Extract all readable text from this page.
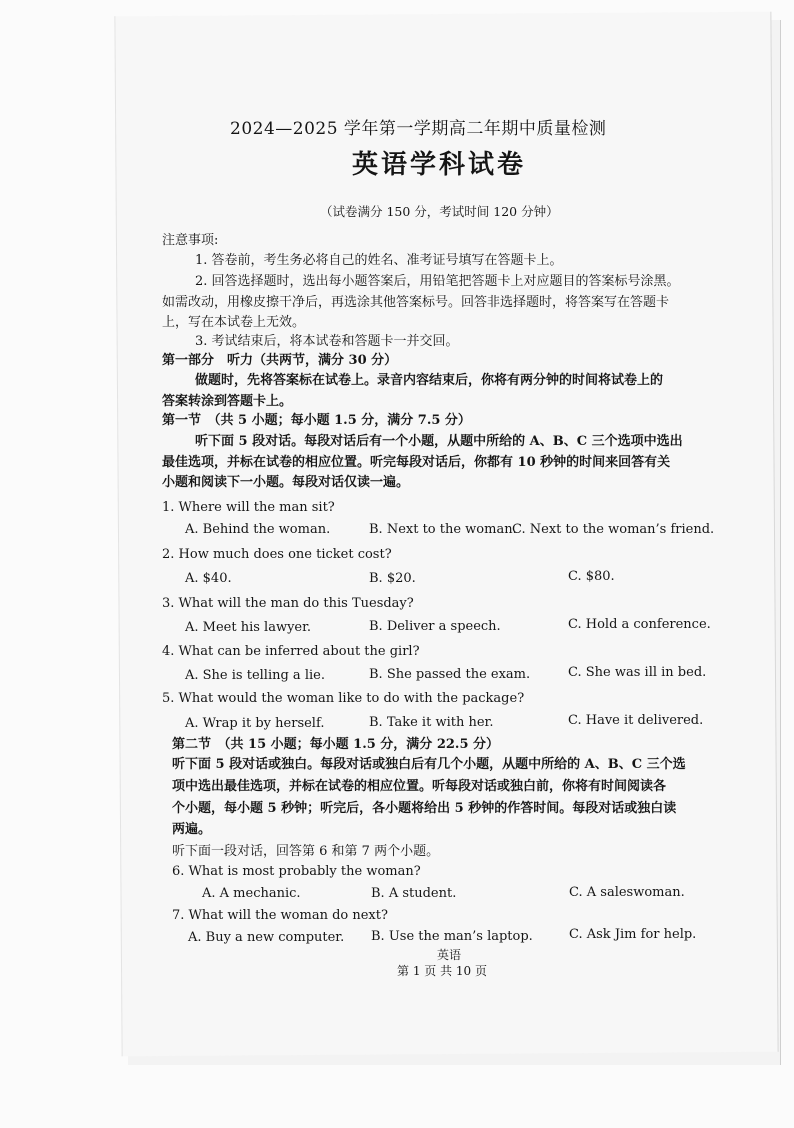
2024—2025 学年第一学期高二年期中质量检测
英语学科试卷
（试卷满分 150 分，考试时间 120 分钟）
注意事项:
1. 答卷前，考生务必将自己的姓名、准考证号填写在答题卡上。
2. 回答选择题时，选出每小题答案后，用铅笔把答题卡上对应题目的答案标号涂黑。
如需改动，用橡皮擦干净后，再选涂其他答案标号。回答非选择题时，将答案写在答题卡
上，写在本试卷上无效。
3. 考试结束后，将本试卷和答题卡一并交回。
第一部分　听力（共两节，满分 30 分）
做题时，先将答案标在试卷上。录音内容结束后，你将有两分钟的时间将试卷上的
答案转涂到答题卡上。
第一节　（共 5 小题；每小题 1.5 分，满分 7.5 分）
听下面 5 段对话。每段对话后有一个小题，从题中所给的 A、B、C 三个选项中选出
最佳选项，并标在试卷的相应位置。听完每段对话后，你都有 10 秒钟的时间来回答有关
小题和阅读下一小题。每段对话仅读一遍。
1. Where will the man sit?
A. Behind the woman.	B. Next to the woman.
C. Next to the woman’s friend.
2. How much does one ticket cost?
A. $40.	B. $20.	C. $80.
3. What will the man do this Tuesday?
A. Meet his lawyer.	B. Deliver a speech.	C. Hold a conference.
4. What can be inferred about the girl?
A. She is telling a lie.	B. She passed the exam.	C. She was ill in bed.
5. What would the woman like to do with the package?
A. Wrap it by herself.	B. Take it with her.	C. Have it delivered.
第二节　（共 15 小题；每小题 1.5 分，满分 22.5 分）
听下面 5 段对话或独白。每段对话或独白后有几个小题，从题中所给的 A、B、C 三个选
项中选出最佳选项，并标在试卷的相应位置。听每段对话或独白前，你将有时间阅读各
个小题，每小题 5 秒钟；听完后，各小题将给出 5 秒钟的作答时间。每段对话或独白读
两遍。
听下面一段对话，回答第 6 和第 7 两个小题。
6. What is most probably the woman?
A. A mechanic.	B. A student.	C. A saleswoman.
7. What will the woman do next?
A. Buy a new computer. B. Use the man’s laptop.	C. Ask Jim for help.
英语
第 1 页 共 10 页
